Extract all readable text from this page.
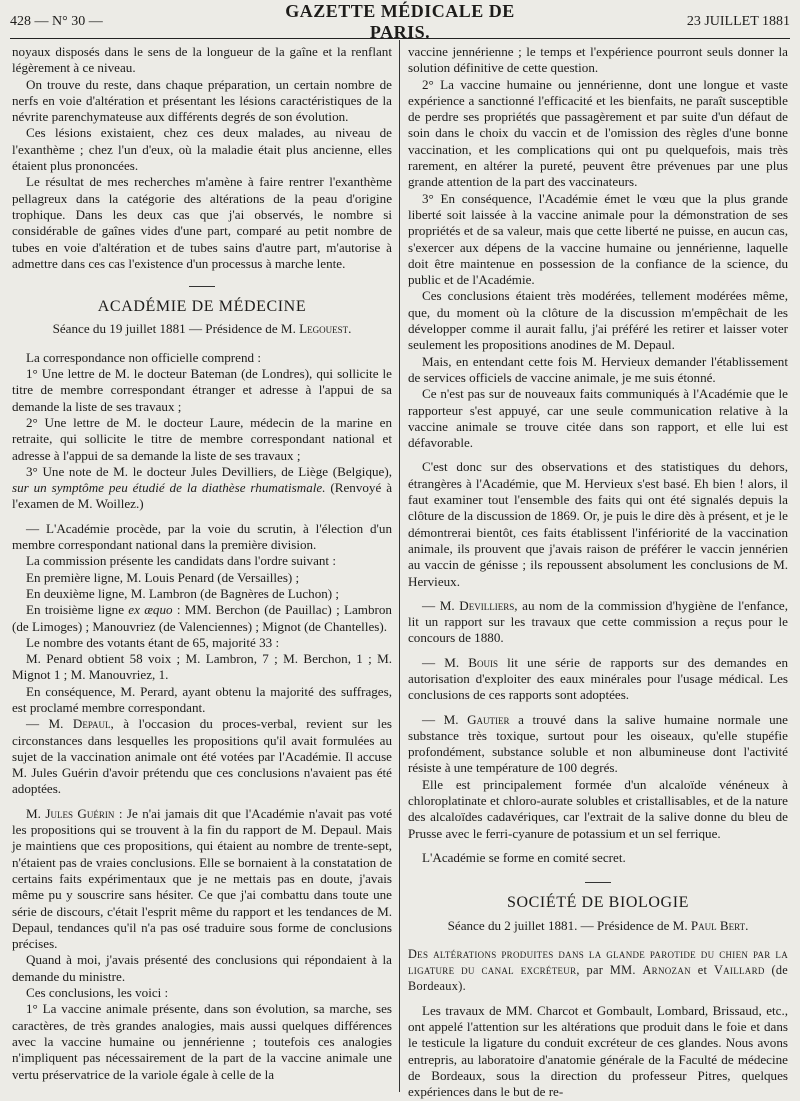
428 — N° 30 —
GAZETTE MÉDICALE DE PARIS.
23 JUILLET 1881

noyaux disposés dans le sens de la longueur de la gaîne et la renflant légèrement à ce niveau.

On trouve du reste, dans chaque préparation, un certain nombre de nerfs en voie d'altération et présentant les lésions caractéristiques de la névrite parenchymateuse aux différents degrés de son évolution.

Ces lésions existaient, chez ces deux malades, au niveau de l'exanthème ; chez l'un d'eux, où la maladie était plus ancienne, elles étaient plus prononcées.

Le résultat de mes recherches m'amène à faire rentrer l'exanthème pellagreux dans la catégorie des altérations de la peau d'origine trophique. Dans les deux cas que j'ai observés, le nombre si considérable de gaînes vides d'une part, comparé au petit nombre de tubes en voie d'altération et de tubes sains d'autre part, m'autorise à admettre dans ces cas l'existence d'un processus à marche lente.

ACADÉMIE DE MÉDECINE

Séance du 19 juillet 1881 — Présidence de M. Legouest.

La correspondance non officielle comprend :

1° Une lettre de M. le docteur Bateman (de Londres), qui sollicite le titre de membre correspondant étranger et adresse à l'appui de sa demande la liste de ses travaux ;

2° Une lettre de M. le docteur Laure, médecin de la marine en retraite, qui sollicite le titre de membre correspondant national et adresse à l'appui de sa demande la liste de ses travaux ;

3° Une note de M. le docteur Jules Devilliers, de Liège (Belgique), sur un symptôme peu étudié de la diathèse rhumatismale. (Renvoyé à l'examen de M. Woillez.)

— L'Académie procède, par la voie du scrutin, à l'élection d'un membre correspondant national dans la première division.

La commission présente les candidats dans l'ordre suivant :

En première ligne, M. Louis Penard (de Versailles) ;

En deuxième ligne, M. Lambron (de Bagnères de Luchon) ;

En troisième ligne ex æquo : MM. Berchon (de Pauillac) ; Lambron (de Limoges) ; Manouvriez (de Valenciennes) ; Mignot (de Chantelles).

Le nombre des votants étant de 65, majorité 33 :

M. Penard obtient 58 voix ; M. Lambron, 7 ; M. Berchon, 1 ; M. Mignot 1 ; M. Manouvriez, 1.

En conséquence, M. Perard, ayant obtenu la majorité des suffrages, est proclamé membre correspondant.

— M. Depaul, à l'occasion du proces-verbal, revient sur les circonstances dans lesquelles les propositions qu'il avait formulées au sujet de la vaccination animale ont été votées par l'Académie. Il accuse M. Jules Guérin d'avoir prétendu que ces conclusions n'avaient pas été adoptées.

M. Jules Guérin : Je n'ai jamais dit que l'Académie n'avait pas voté les propositions qui se trouvent à la fin du rapport de M. Depaul. Mais je maintiens que ces propositions, qui étaient au nombre de trente-sept, n'étaient pas de vraies conclusions. Elle se bornaient à la constatation de certains faits expérimentaux que je ne mettais pas en doute, j'avais même pu y souscrire sans hésiter. Ce que j'ai combattu dans toute une série de discours, c'était l'esprit même du rapport et les tendances de M. Depaul, tendances qu'il n'a pas osé traduire sous forme de conclusions précises.

Quand à moi, j'avais présenté des conclusions qui répondaient à la demande du ministre.

Ces conclusions, les voici :

1° La vaccine animale présente, dans son évolution, sa marche, ses caractères, de très grandes analogies, mais aussi quelques différences avec la vaccine humaine ou jennérienne ; toutefois ces analogies n'impliquent pas nécessairement de la part de la vaccine animale une vertu préservatrice de la variole égale à celle de la

vaccine jennérienne ; le temps et l'expérience pourront seuls donner la solution définitive de cette question.

2° La vaccine humaine ou jennérienne, dont une longue et vaste expérience a sanctionné l'efficacité et les bienfaits, ne paraît susceptible de perdre ses propriétés que passagèrement et par suite d'un défaut de soin dans le choix du vaccin et de l'omission des règles d'une bonne vaccination, et les complications qui ont pu quelquefois, mais très rarement, en altérer la pureté, peuvent être prévenues par une plus grande attention de la part des vaccinateurs.

3° En conséquence, l'Académie émet le vœu que la plus grande liberté soit laissée à la vaccine animale pour la démonstration de ses propriétés et de sa valeur, mais que cette liberté ne puisse, en aucun cas, s'exercer aux dépens de la vaccine humaine ou jennérienne, laquelle doit être maintenue en possession de la confiance de la science, du public et de l'Académie.

Ces conclusions étaient très modérées, tellement modérées même, que, du moment où la clôture de la discussion m'empêchait de les développer comme il aurait fallu, j'ai préféré les retirer et laisser voter seulement les propositions anodines de M. Depaul.

Mais, en entendant cette fois M. Hervieux demander l'établissement de services officiels de vaccine animale, je me suis étonné.

Ce n'est pas sur de nouveaux faits communiqués à l'Académie que le rapporteur s'est appuyé, car une seule communication relative à la vaccine animale se trouve citée dans son rapport, et elle lui est défavorable.

C'est donc sur des observations et des statistiques du dehors, étrangères à l'Académie, que M. Hervieux s'est basé. Eh bien ! alors, il faut examiner tout l'ensemble des faits qui ont été signalés depuis la clôture de la discussion de 1869. Or, je puis le dire dès à présent, et je le démontrerai bientôt, ces faits établissent l'infériorité de la vaccination animale, ils prouvent que j'avais raison de préférer le vaccin jennérien au vaccin de génisse ; ils repoussent absolument les conclusions de M. Hervieux.

— M. Devilliers, au nom de la commission d'hygiène de l'enfance, lit un rapport sur les travaux que cette commission a reçus pour le concours de 1880.

— M. Bouis lit une série de rapports sur des demandes en autorisation d'exploiter des eaux minérales pour l'usage médical. Les conclusions de ces rapports sont adoptées.

— M. Gautier a trouvé dans la salive humaine normale une substance très toxique, surtout pour les oiseaux, qu'elle stupéfie profondément, substance soluble et non albumineuse dont l'activité résiste à une température de 100 degrés.

Elle est principalement formée d'un alcaloïde vénéneux à chloroplatinate et chloro-aurate solubles et cristallisables, et de la nature des alcaloïdes cadavériques, car l'extrait de la salive donne du bleu de Prusse avec le ferri-cyanure de potassium et un sel ferrique.

L'Académie se forme en comité secret.

SOCIÉTÉ DE BIOLOGIE

Séance du 2 juillet 1881. — Présidence de M. Paul Bert.

Des altérations produites dans la glande parotide du chien par la ligature du canal excréteur, par MM. Arnozan et Vaillard (de Bordeaux).

Les travaux de MM. Charcot et Gombault, Lombard, Brissaud, etc., ont appelé l'attention sur les altérations que produit dans le foie et dans le testicule la ligature du conduit excréteur de ces glandes. Nous avons entrepris, au laboratoire d'anatomie générale de la Faculté de médecine de Bordeaux, sous la direction du professeur Pitres, quelques expériences dans le but de re-
